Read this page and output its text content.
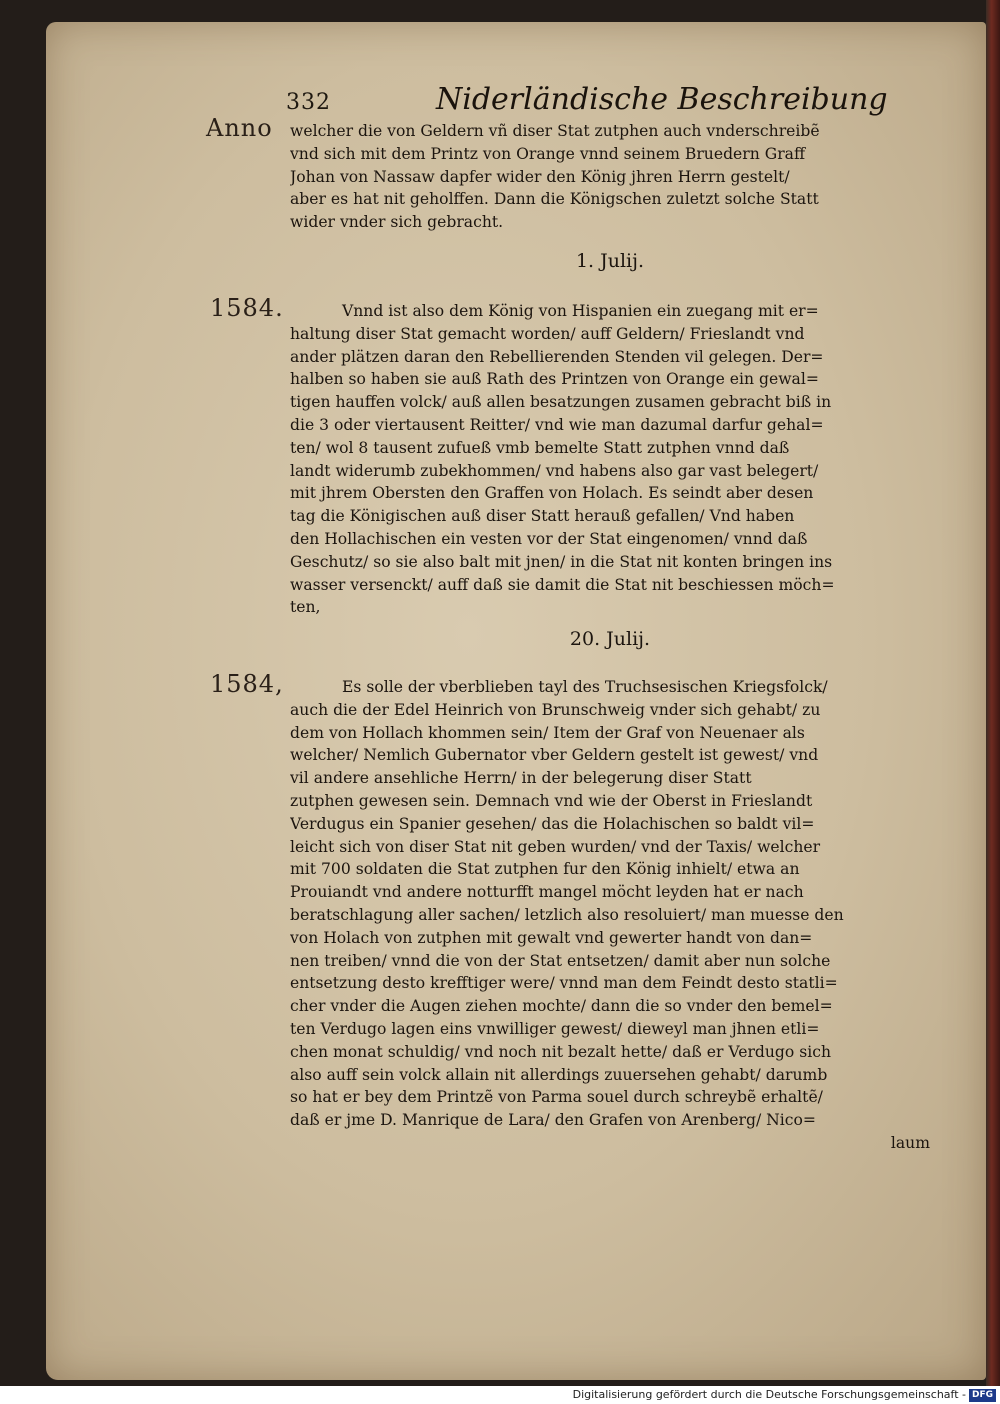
332	Niderländische Beschreibung
Anno welcher die von Geldern vñ diser Stat zutphen auch vnderschreibẽ
vnd sich mit dem Printz von Orange vnnd seinem Bruedern Graff
Johan von Nassaw dapfer wider den König jhren Herrn gestelt/
aber es hat nit geholffen. Dann die Königschen zuletzt solche Statt
wider vnder sich gebracht.
1. Julij.
1584.	Vnnd ist also dem König von Hispanien ein zuegang mit er=
haltung diser Stat gemacht worden/ auff Geldern/ Frieslandt vnd
ander plätzen daran den Rebellierenden Stenden vil gelegen. Der=
halben so haben sie auß Rath des Printzen von Orange ein gewal=
tigen hauffen volck/ auß allen besatzungen zusamen gebracht biß in
die 3 oder viertausent Reitter/ vnd wie man dazumal darfur gehal=
ten/ wol 8 tausent zufueß vmb bemelte Statt zutphen vnnd daß
landt widerumb zubekhommen/ vnd habens also gar vast belegert/
mit jhrem Obersten den Graffen von Holach. Es seindt aber desen
tag die Königischen auß diser Statt herauß gefallen/ Vnd haben
den Hollachischen ein vesten vor der Stat eingenomen/ vnnd daß
Geschutz/ so sie also balt mit jnen/ in die Stat nit konten bringen ins
wasser versenckt/ auff daß sie damit die Stat nit beschiessen möch=
ten,
20. Julij.
1584,	Es solle der vberblieben tayl des Truchsesischen Kriegsfolck/
auch die der Edel Heinrich von Brunschweig vnder sich gehabt/ zu
dem von Hollach khommen sein/ Item der Graf von Neuenaer als
welcher/ Nemlich Gubernator vber Geldern gestelt ist gewest/ vnd
vil andere ansehliche Herrn/ in der belegerung diser Statt
zutphen gewesen sein. Demnach vnd wie der Oberst in Frieslandt
Verdugus ein Spanier gesehen/ das die Holachischen so baldt vil=
leicht sich von diser Stat nit geben wurden/ vnd der Taxis/ welcher
mit 700 soldaten die Stat zutphen fur den König inhielt/ etwa an
Prouiandt vnd andere notturfft mangel möcht leyden hat er nach
beratschlagung aller sachen/ letzlich also resoluiert/ man muesse den
von Holach von zutphen mit gewalt vnd gewerter handt von dan=
nen treiben/ vnnd die von der Stat entsetzen/ damit aber nun solche
entsetzung desto krefftiger were/ vnnd man dem Feindt desto statli=
cher vnder die Augen ziehen mochte/ dann die so vnder den bemel=
ten Verdugo lagen eins vnwilliger gewest/ dieweyl man jhnen etli=
chen monat schuldig/ vnd noch nit bezalt hette/ daß er Verdugo sich
also auff sein volck allain nit allerdings zuuersehen gehabt/ darumb
so hat er bey dem Printzẽ von Parma souel durch schreybẽ erhaltẽ/
daß er jme D. Manrique de Lara/ den Grafen von Arenberg/ Nico=
laum
Digitalisierung gefördert durch die Deutsche Forschungsgemeinschaft - DFG
